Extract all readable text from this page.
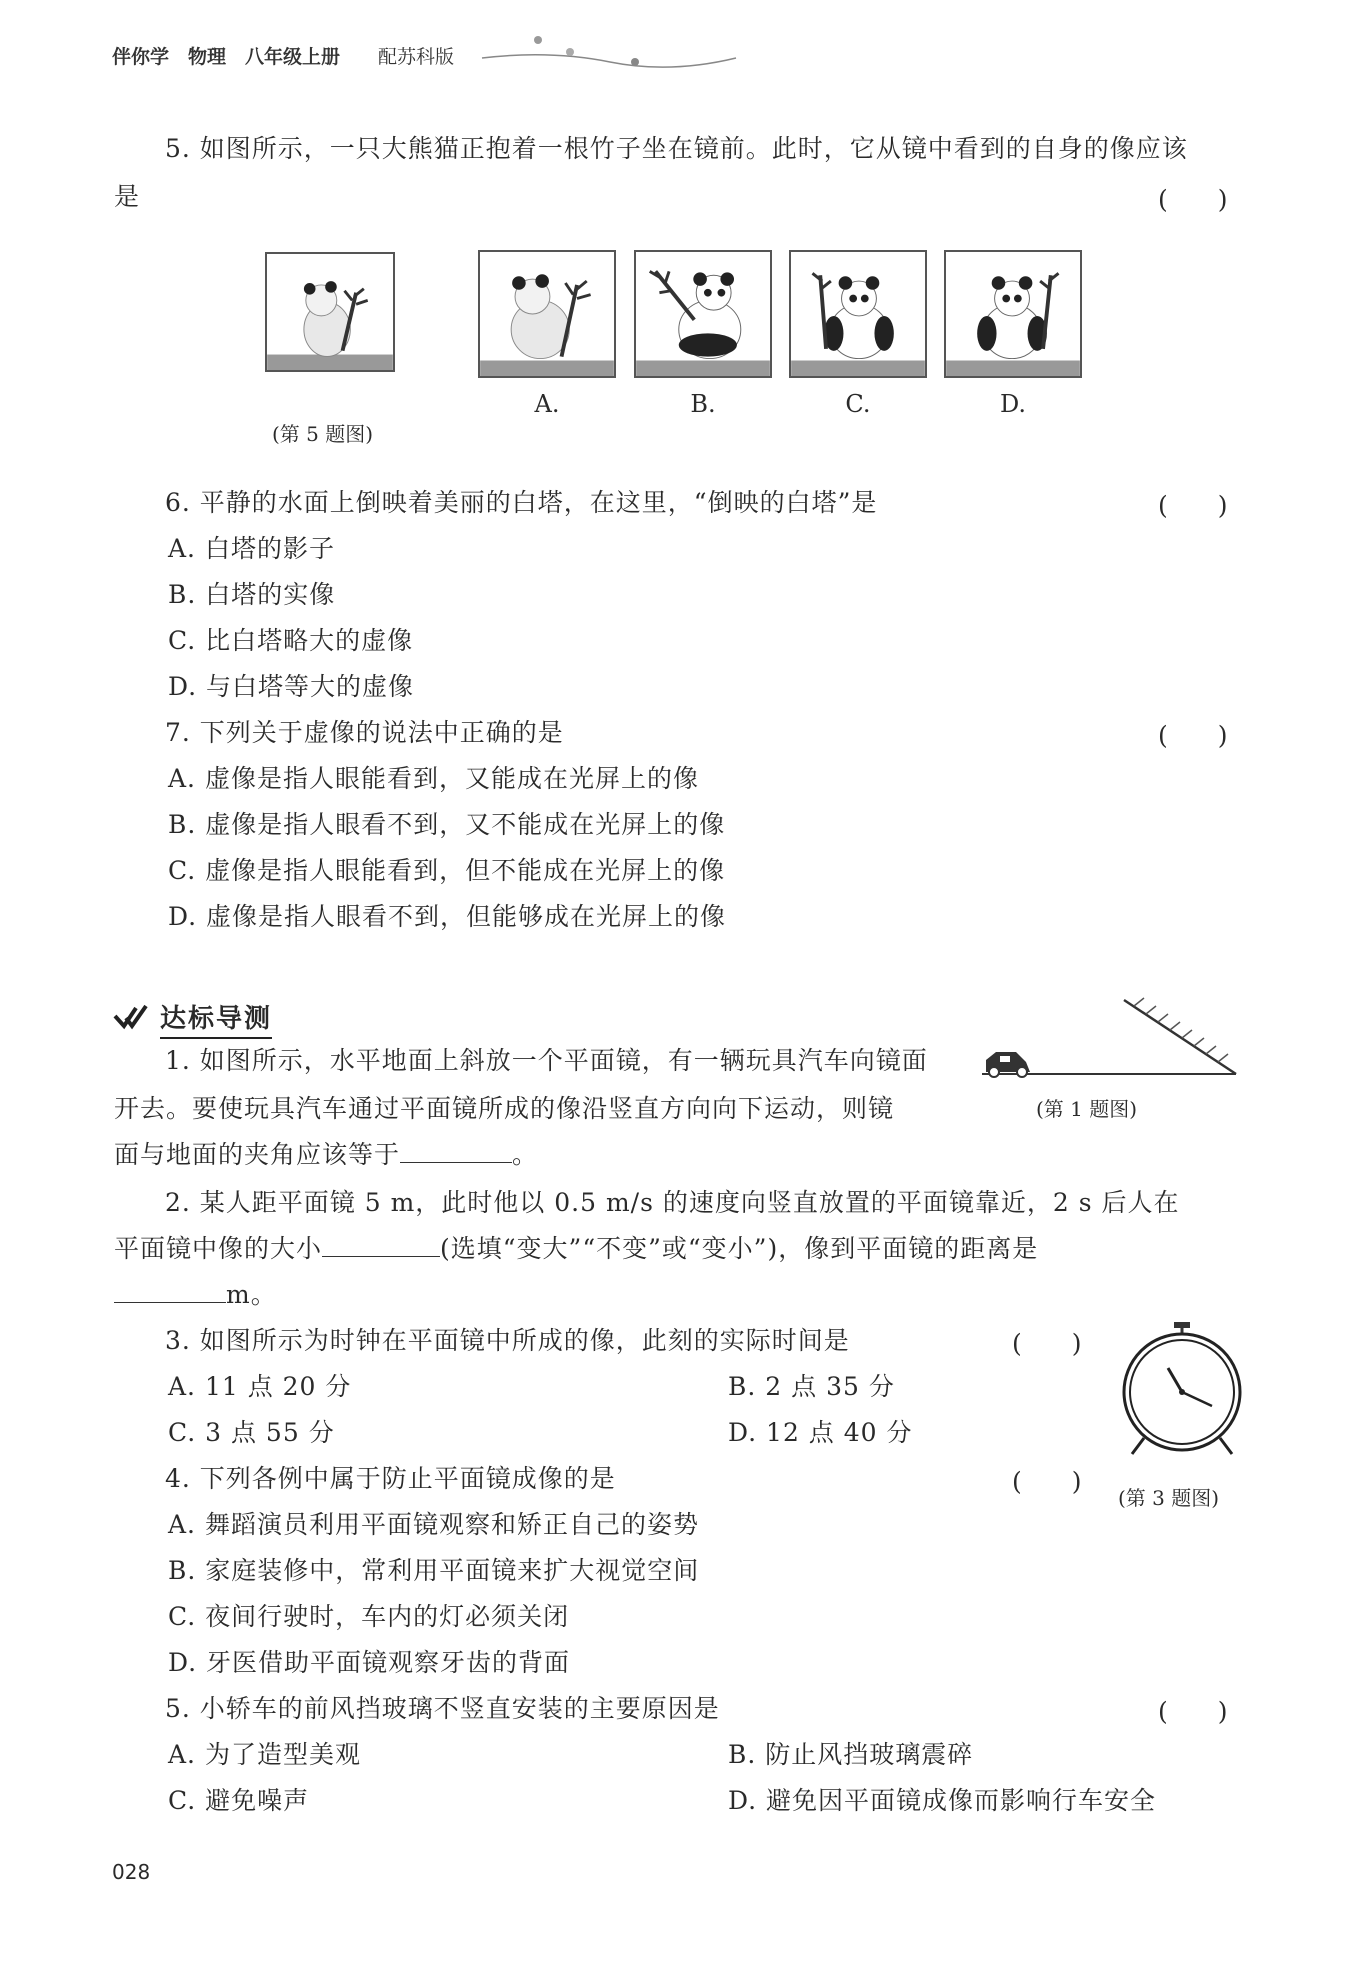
伴你学　物理　八年级上册 配苏科版
5. 如图所示，一只大熊猫正抱着一根竹子坐在镜前。此时，它从镜中看到的自身的像应该
是	(　　)
(第 5 题图)
A.	B.	C.	D.
6. 平静的水面上倒映着美丽的白塔，在这里，“倒映的白塔”是	(　　)
A. 白塔的影子
B. 白塔的实像
C. 比白塔略大的虚像
D. 与白塔等大的虚像
7. 下列关于虚像的说法中正确的是	(　　)
A. 虚像是指人眼能看到，又能成在光屏上的像
B. 虚像是指人眼看不到，又不能成在光屏上的像
C. 虚像是指人眼能看到，但不能成在光屏上的像
D. 虚像是指人眼看不到，但能够成在光屏上的像
达标导测
1. 如图所示，水平地面上斜放一个平面镜，有一辆玩具汽车向镜面
开去。要使玩具汽车通过平面镜所成的像沿竖直方向向下运动，则镜
面与地面的夹角应该等于	。
(第 1 题图)
2. 某人距平面镜 5 m，此时他以 0.5 m/s 的速度向竖直放置的平面镜靠近，2 s 后人在
平面镜中像的大小	(选填“变大”“不变”或“变小”)，像到平面镜的距离是
m。
3. 如图所示为时钟在平面镜中所成的像，此刻的实际时间是	(　　)
A. 11 点 20 分	B. 2 点 35 分
C. 3 点 55 分	D. 12 点 40 分
(第 3 题图)
4. 下列各例中属于防止平面镜成像的是	(　　)
A. 舞蹈演员利用平面镜观察和矫正自己的姿势
B. 家庭装修中，常利用平面镜来扩大视觉空间
C. 夜间行驶时，车内的灯必须关闭
D. 牙医借助平面镜观察牙齿的背面
5. 小轿车的前风挡玻璃不竖直安装的主要原因是	(　　)
A. 为了造型美观	B. 防止风挡玻璃震碎
C. 避免噪声	D. 避免因平面镜成像而影响行车安全
028
